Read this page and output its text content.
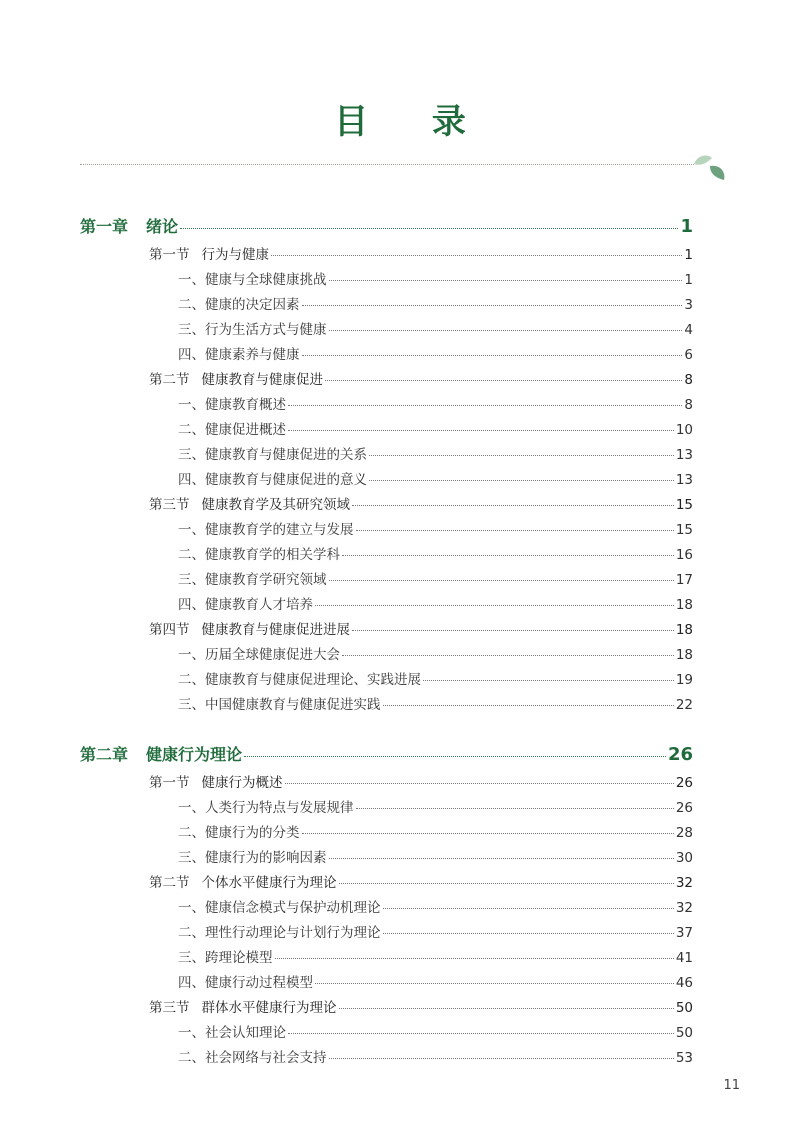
目 录
第一章 绪论	1
第一节 行为与健康	1
一、健康与全球健康挑战	1
二、健康的决定因素	3
三、行为生活方式与健康	4
四、健康素养与健康	6
第二节 健康教育与健康促进	8
一、健康教育概述	8
二、健康促进概述	10
三、健康教育与健康促进的关系	13
四、健康教育与健康促进的意义	13
第三节 健康教育学及其研究领域	15
一、健康教育学的建立与发展	15
二、健康教育学的相关学科	16
三、健康教育学研究领域	17
四、健康教育人才培养	18
第四节 健康教育与健康促进进展	18
一、历届全球健康促进大会	18
二、健康教育与健康促进理论、实践进展	19
三、中国健康教育与健康促进实践	22
第二章 健康行为理论	26
第一节 健康行为概述	26
一、人类行为特点与发展规律	26
二、健康行为的分类	28
三、健康行为的影响因素	30
第二节 个体水平健康行为理论	32
一、健康信念模式与保护动机理论	32
二、理性行动理论与计划行为理论	37
三、跨理论模型	41
四、健康行动过程模型	46
第三节 群体水平健康行为理论	50
一、社会认知理论	50
二、社会网络与社会支持	53
11
